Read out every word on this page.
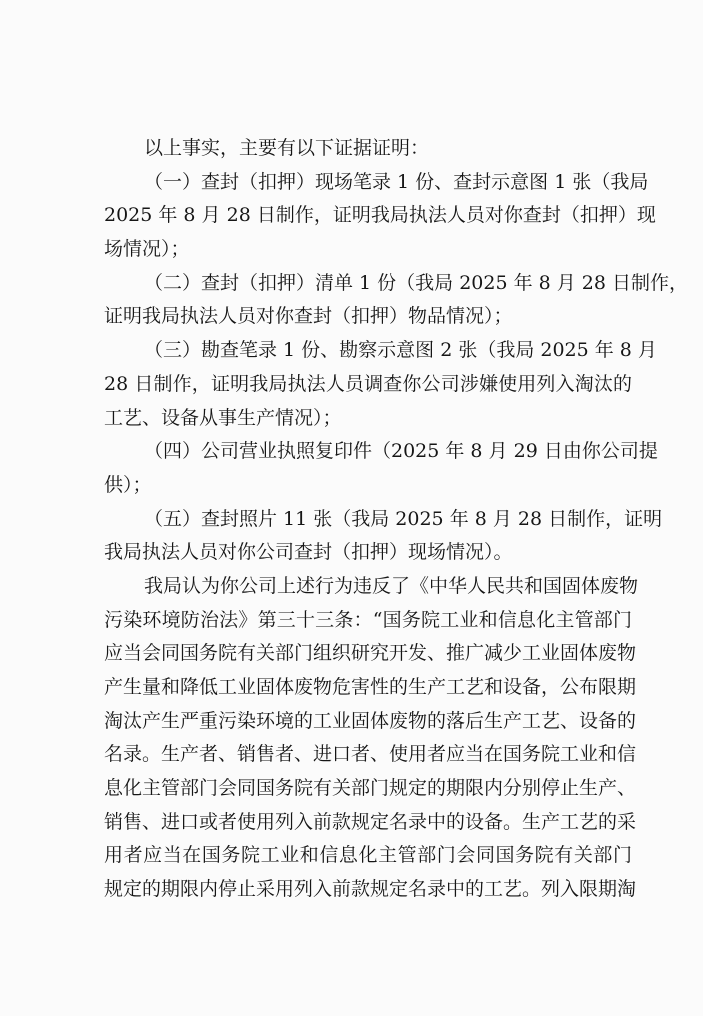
以上事实，主要有以下证据证明：
（一）查封（扣押）现场笔录 1 份、查封示意图 1 张（我局
2025 年 8 月 28 日制作，证明我局执法人员对你查封（扣押）现
场情况）；
（二）查封（扣押）清单 1 份（我局 2025 年 8 月 28 日制作，
证明我局执法人员对你查封（扣押）物品情况）；
（三）勘查笔录 1 份、勘察示意图 2 张（我局 2025 年 8 月
28 日制作，证明我局执法人员调查你公司涉嫌使用列入淘汰的
工艺、设备从事生产情况）；
（四）公司营业执照复印件（2025 年 8 月 29 日由你公司提
供）；
（五）查封照片 11 张（我局 2025 年 8 月 28 日制作，证明
我局执法人员对你公司查封（扣押）现场情况）。
我局认为你公司上述行为违反了《中华人民共和国固体废物
污染环境防治法》第三十三条：“国务院工业和信息化主管部门
应当会同国务院有关部门组织研究开发、推广减少工业固体废物
产生量和降低工业固体废物危害性的生产工艺和设备，公布限期
淘汰产生严重污染环境的工业固体废物的落后生产工艺、设备的
名录。生产者、销售者、进口者、使用者应当在国务院工业和信
息化主管部门会同国务院有关部门规定的期限内分别停止生产、
销售、进口或者使用列入前款规定名录中的设备。生产工艺的采
用者应当在国务院工业和信息化主管部门会同国务院有关部门
规定的期限内停止采用列入前款规定名录中的工艺。列入限期淘
